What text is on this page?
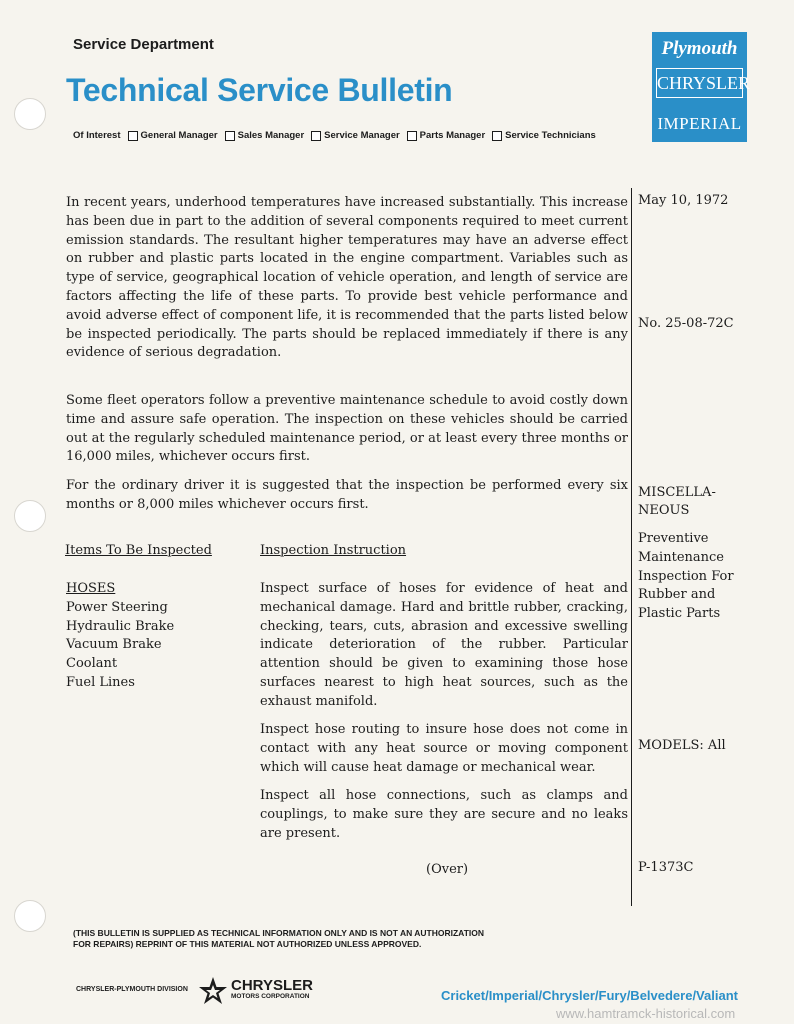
Service Department
Technical Service Bulletin
Of Interest General Manager Sales Manager Service Manager Parts Manager Service Technicians
Plymouth
CHRYSLER
IMPERIAL
In recent years, underhood temperatures have increased substantially. This increase has been due in part to the addition of several components required to meet current emission standards. The resultant higher temperatures may have an adverse effect on rubber and plastic parts located in the engine compartment. Variables such as type of service, geographical location of vehicle operation, and length of service are factors affecting the life of these parts. To provide best vehicle performance and avoid adverse effect of component life, it is recommended that the parts listed below be inspected periodically. The parts should be replaced immediately if there is any evidence of serious degradation.
Some fleet operators follow a preventive maintenance schedule to avoid costly down time and assure safe operation. The inspection on these vehicles should be carried out at the regularly scheduled maintenance period, or at least every three months or 16,000 miles, whichever occurs first.
For the ordinary driver it is suggested that the inspection be performed every six months or 8,000 miles whichever occurs first.
May 10, 1972
No. 25-08-72C
MISCELLA-
NEOUS
Preventive
Maintenance
Inspection For
Rubber and
Plastic Parts
MODELS: All
P-1373C
Items To Be Inspected	Inspection Instruction
HOSES
Power Steering
Hydraulic Brake
Vacuum Brake
Coolant
Fuel Lines
Inspect surface of hoses for evidence of heat and mechanical damage. Hard and brittle rubber, cracking, checking, tears, cuts, abrasion and excessive swelling indicate deterioration of the rubber. Particular attention should be given to examining those hose surfaces nearest to high heat sources, such as the exhaust manifold.
Inspect hose routing to insure hose does not come in contact with any heat source or moving component which will cause heat damage or mechanical wear.
Inspect all hose connections, such as clamps and couplings, to make sure they are secure and no leaks are present.
(Over)
(THIS BULLETIN IS SUPPLIED AS TECHNICAL INFORMATION ONLY AND IS NOT AN AUTHORIZATION
FOR REPAIRS) REPRINT OF THIS MATERIAL NOT AUTHORIZED UNLESS APPROVED.
CHRYSLER-PLYMOUTH DIVISION	CHRYSLER
MOTORS CORPORATION	Cricket/Imperial/Chrysler/Fury/Belvedere/Valiant
www.hamtramck-historical.com
